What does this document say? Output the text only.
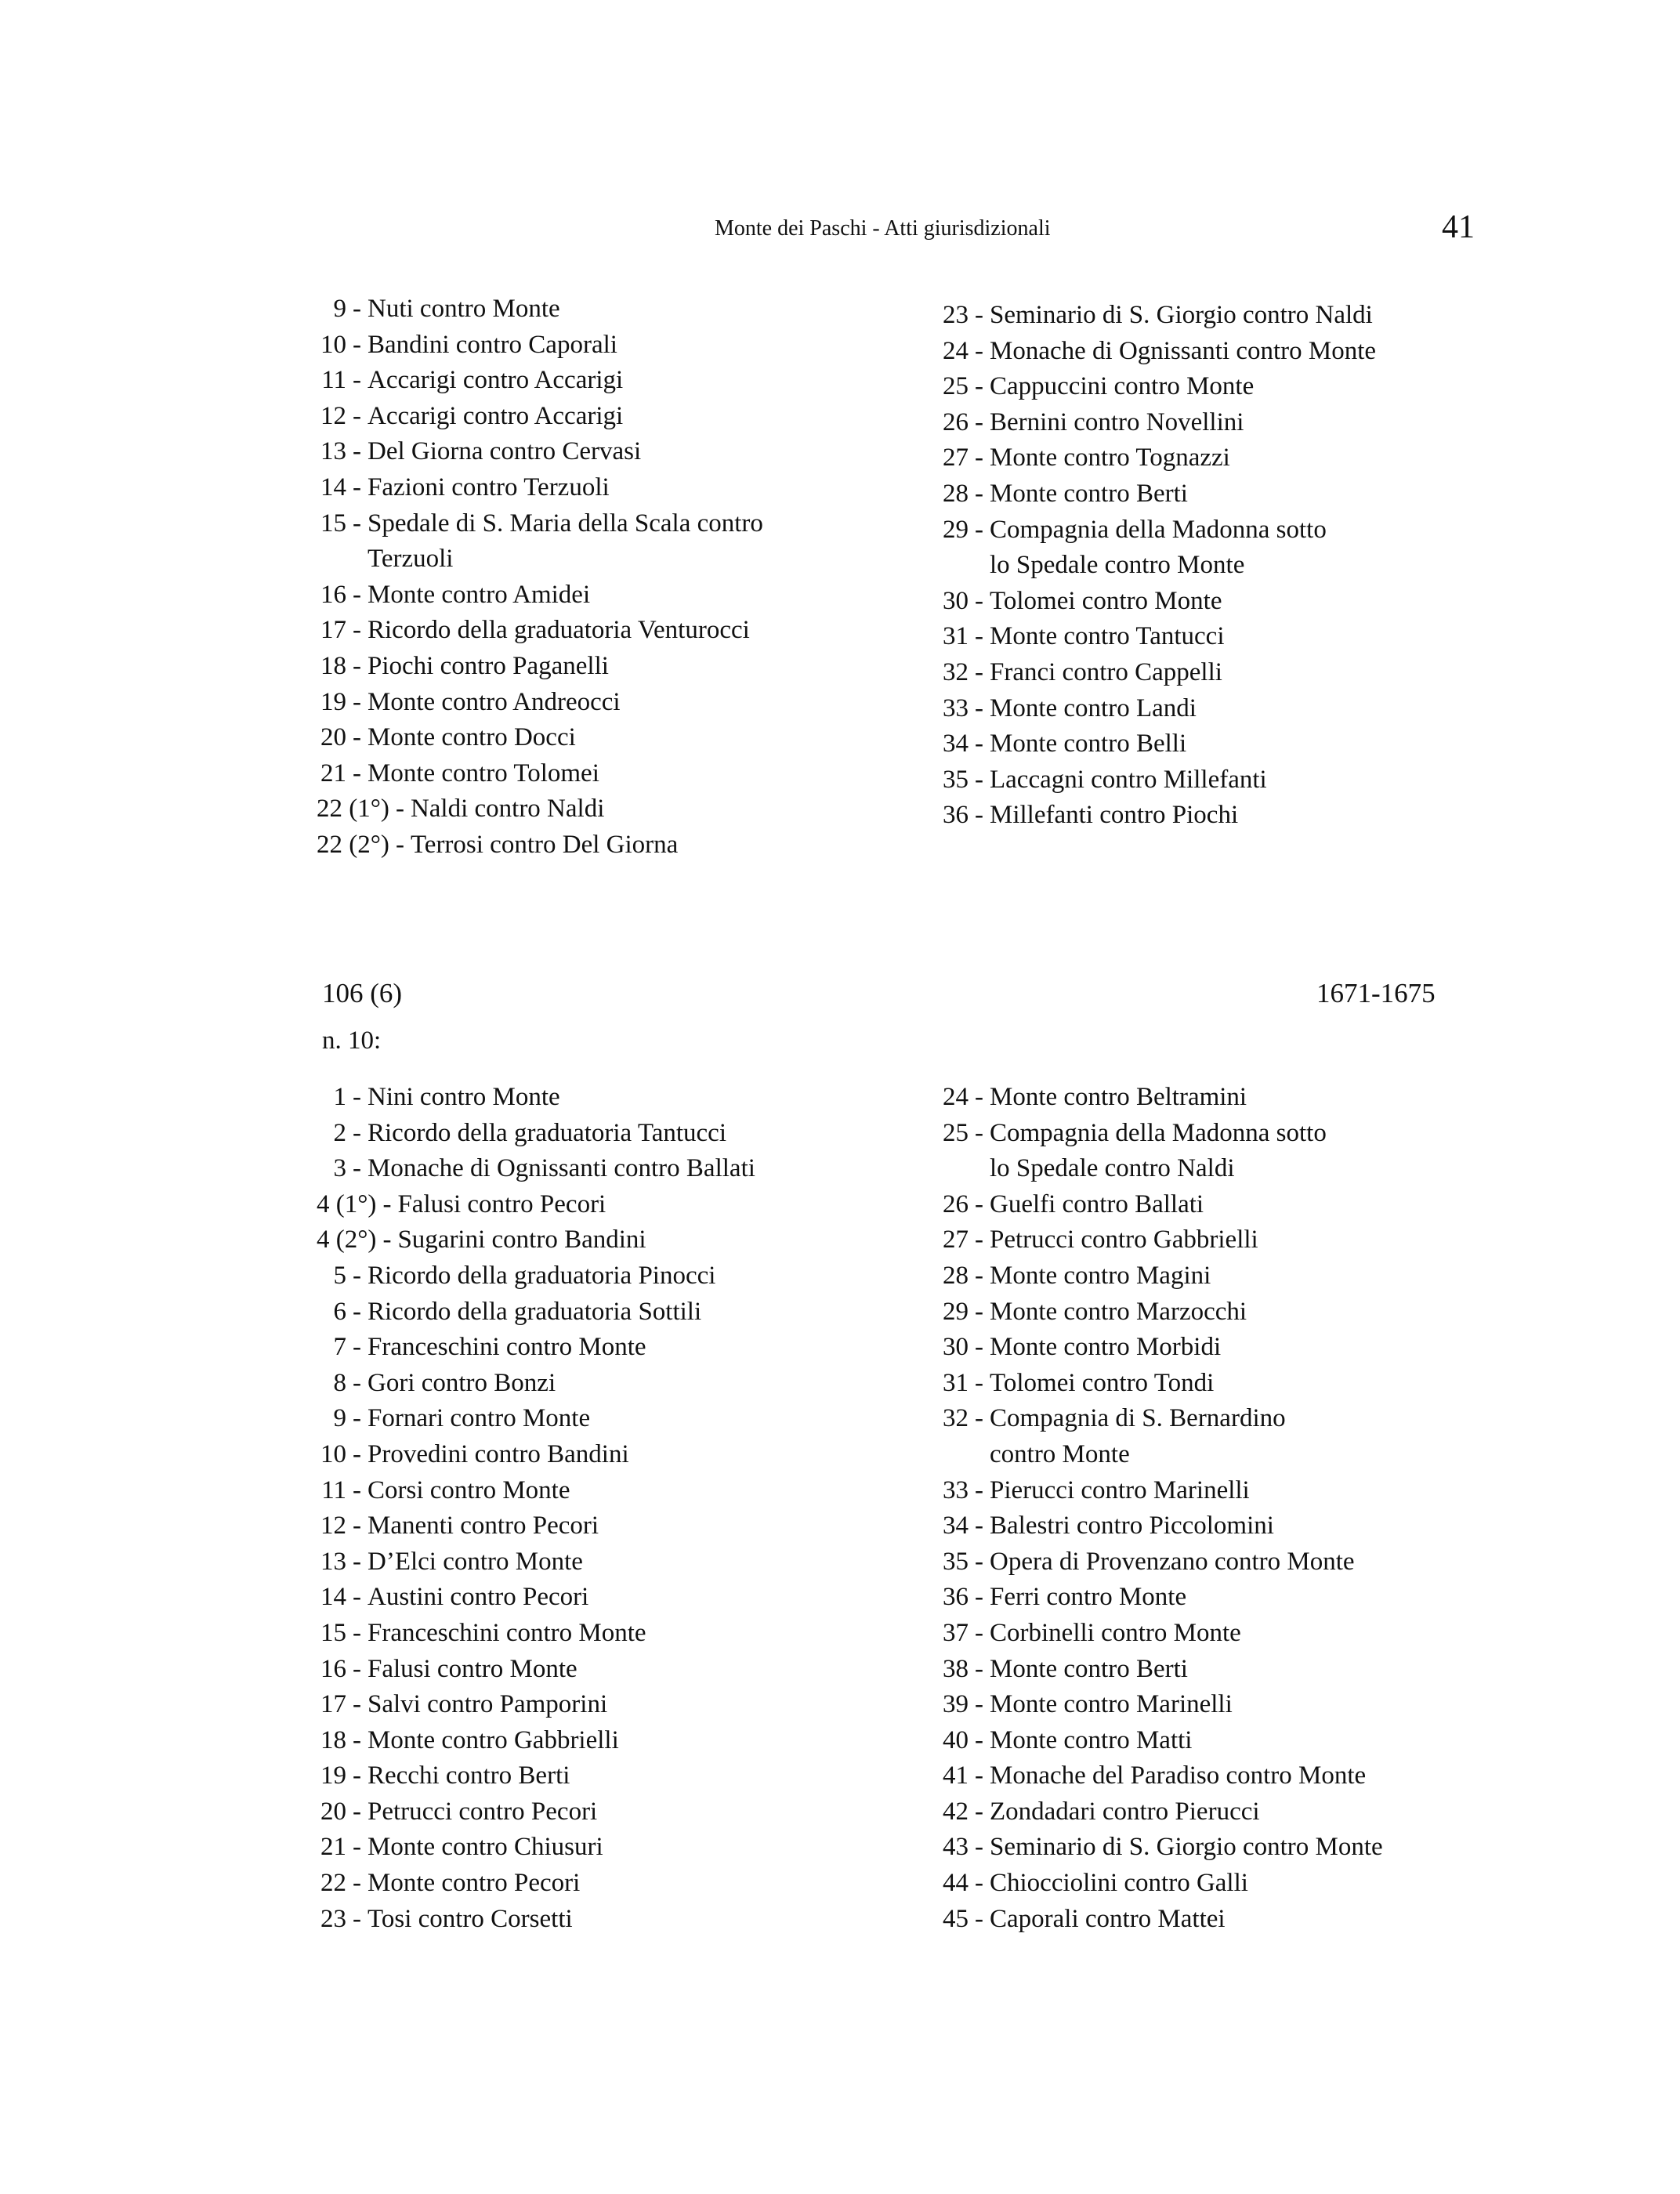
Monte dei Paschi - Atti giurisdizionali	41
9 - Nuti contro Monte
10 - Bandini contro Caporali
11 - Accarigi contro Accarigi
12 - Accarigi contro Accarigi
13 - Del Giorna contro Cervasi
14 - Fazioni contro Terzuoli
15 - Spedale di S. Maria della Scala contro
Terzuoli
16 - Monte contro Amidei
17 - Ricordo della graduatoria Venturocci
18 - Piochi contro Paganelli
19 - Monte contro Andreocci
20 - Monte contro Docci
21 - Monte contro Tolomei
22 (1°) - Naldi contro Naldi
22 (2°) - Terrosi contro Del Giorna
23 - Seminario di S. Giorgio contro Naldi
24 - Monache di Ognissanti contro Monte
25 - Cappuccini contro Monte
26 - Bernini contro Novellini
27 - Monte contro Tognazzi
28 - Monte contro Berti
29 - Compagnia della Madonna sotto
lo Spedale contro Monte
30 - Tolomei contro Monte
31 - Monte contro Tantucci
32 - Franci contro Cappelli
33 - Monte contro Landi
34 - Monte contro Belli
35 - Laccagni contro Millefanti
36 - Millefanti contro Piochi
106 (6)	1671-1675
n. 10:
1 - Nini contro Monte
2 - Ricordo della graduatoria Tantucci
3 - Monache di Ognissanti contro Ballati
4 (1°) - Falusi contro Pecori
4 (2°) - Sugarini contro Bandini
5 - Ricordo della graduatoria Pinocci
6 - Ricordo della graduatoria Sottili
7 - Franceschini contro Monte
8 - Gori contro Bonzi
9 - Fornari contro Monte
10 - Provedini contro Bandini
11 - Corsi contro Monte
12 - Manenti contro Pecori
13 - D’Elci contro Monte
14 - Austini contro Pecori
15 - Franceschini contro Monte
16 - Falusi contro Monte
17 - Salvi contro Pamporini
18 - Monte contro Gabbrielli
19 - Recchi contro Berti
20 - Petrucci contro Pecori
21 - Monte contro Chiusuri
22 - Monte contro Pecori
23 - Tosi contro Corsetti
24 - Monte contro Beltramini
25 - Compagnia della Madonna sotto
lo Spedale contro Naldi
26 - Guelfi contro Ballati
27 - Petrucci contro Gabbrielli
28 - Monte contro Magini
29 - Monte contro Marzocchi
30 - Monte contro Morbidi
31 - Tolomei contro Tondi
32 - Compagnia di S. Bernardino
contro Monte
33 - Pierucci contro Marinelli
34 - Balestri contro Piccolomini
35 - Opera di Provenzano contro Monte
36 - Ferri contro Monte
37 - Corbinelli contro Monte
38 - Monte contro Berti
39 - Monte contro Marinelli
40 - Monte contro Matti
41 - Monache del Paradiso contro Monte
42 - Zondadari contro Pierucci
43 - Seminario di S. Giorgio contro Monte
44 - Chiocciolini contro Galli
45 - Caporali contro Mattei
